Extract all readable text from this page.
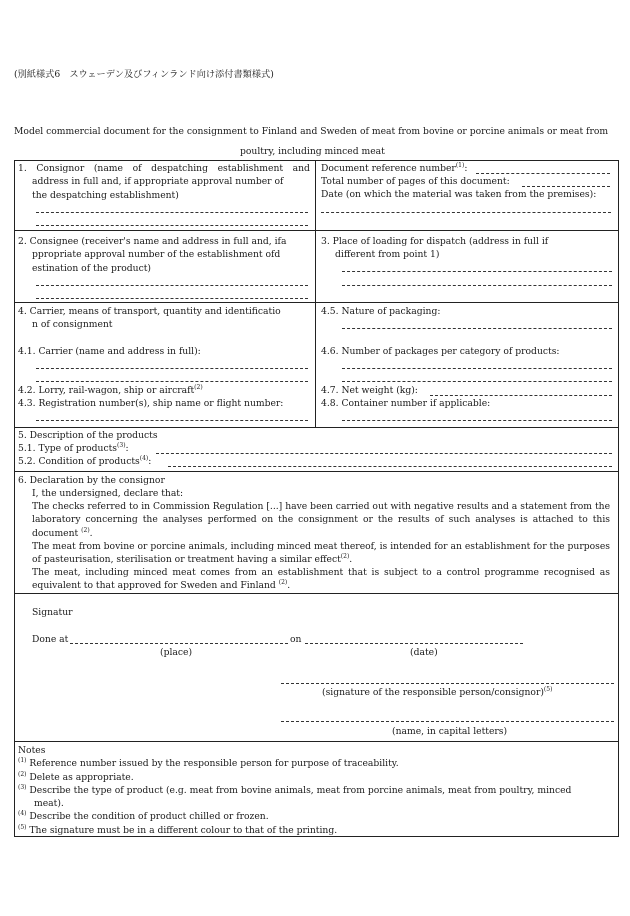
(別紙様式6　スウェーデン及びフィンランド向け添付書類様式)
Model commercial document for the consignment to Finland and Sweden of meat from bovine or porcine animals or meat from
poultry, including minced meat
1. Consignor (name of despatching establishment and
address in full and, if appropriate approval number of
the despatching establishment)
Document reference number$^{(1)}$:
Total number of pages of this document:
Date (on which the material was taken from the premises):
2. Consignee (receiver's name and address in full and, ifa
ppropriate approval number of the establishment ofd
estination of the product)
3. Place of loading for dispatch (address in full if
different from point 1)
4. Carrier, means of transport, quantity and identificatio
n of consignment
4.1. Carrier (name and address in full):
4.2. Lorry, rail-wagon, ship or aircraft$^{(2)}$
4.3. Registration number(s), ship name or flight number:
4.5. Nature of packaging:
4.6. Number of packages per category of products:
4.7. Net weight (kg):
4.8. Container number if applicable:
5. Description of the products
5.1. Type of products$^{(3)}$:
5.2. Condition of products$^{(4)}$:
6. Declaration by the consignor
I, the undersigned, declare that:
The checks referred to in Commission Regulation [...] have been carried out with negative results and a statement from the laboratory concerning the analyses performed on the consignment or the results of such analyses is attached to this document $^{(2)}$.
The meat from bovine or porcine animals, including minced meat thereof, is intended for an establishment for the purposes of pasteurisation, sterilisation or treatment having a similar effect$^{(2)}$.
The meat, including minced meat comes from an establishment that is subject to a control programme recognised as equivalent to that approved for Sweden and Finland $^{(2)}$.
Signatur
Done at	on
(place)	(date)
(signature of the responsible person/consignor)$^{(5)}$
(name, in capital letters)
Notes
$^{(1)}$ Reference number issued by the responsible person for purpose of traceability.
$^{(2)}$ Delete as appropriate.
$^{(3)}$ Describe the type of product (e.g. meat from bovine animals, meat from porcine animals, meat from poultry, minced
meat).
$^{(4)}$ Describe the condition of product chilled or frozen.
$^{(5)}$ The signature must be in a different colour to that of the printing.
